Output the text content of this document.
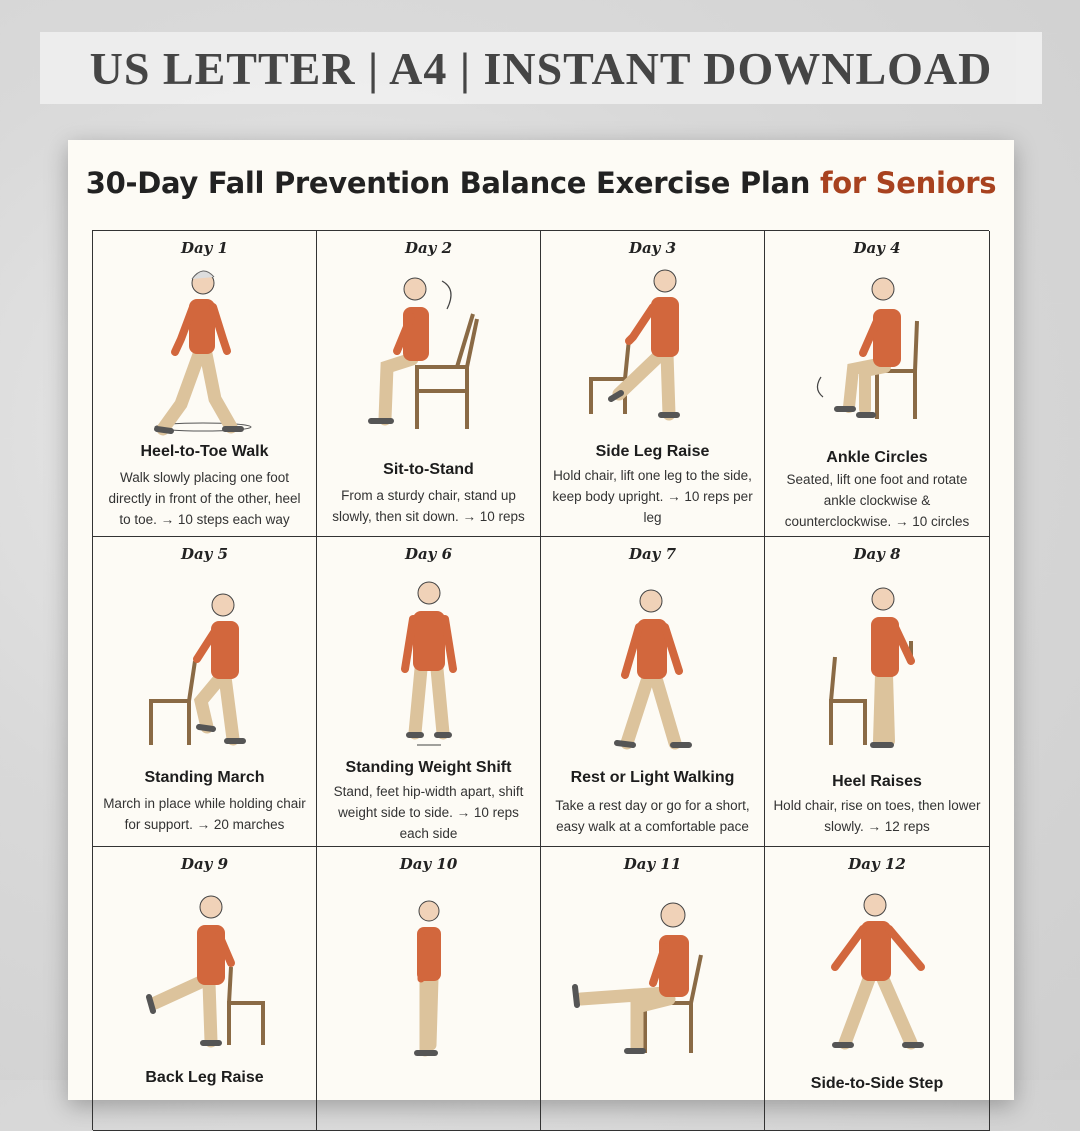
US LETTER | A4 | INSTANT DOWNLOAD
30-Day Fall Prevention Balance Exercise Plan for Seniors
Day 1
Heel-to-Toe Walk
Walk slowly placing one foot directly in front of the other, heel to toe. → 10 steps each way
Day 2
Sit-to-Stand
From a sturdy chair, stand up slowly, then sit down. → 10 reps
Day 3
Side Leg Raise
Hold chair, lift one leg to the side, keep body upright. → 10 reps per leg
Day 4
Ankle Circles
Seated, lift one foot and rotate ankle clockwise & counterclockwise. → 10 circles
Day 5
Standing March
March in place while holding chair for support. → 20 marches
Day 6
Standing Weight Shift
Stand, feet hip-width apart, shift weight side to side. → 10 reps each side
Day 7
Rest or Light Walking
Take a rest day or go for a short, easy walk at a comfortable pace
Day 8
Heel Raises
Hold chair, rise on toes, then lower slowly. → 12 reps
Day 9
Back Leg Raise
Day 10	Day 11	Day 12
Side-to-Side Step
